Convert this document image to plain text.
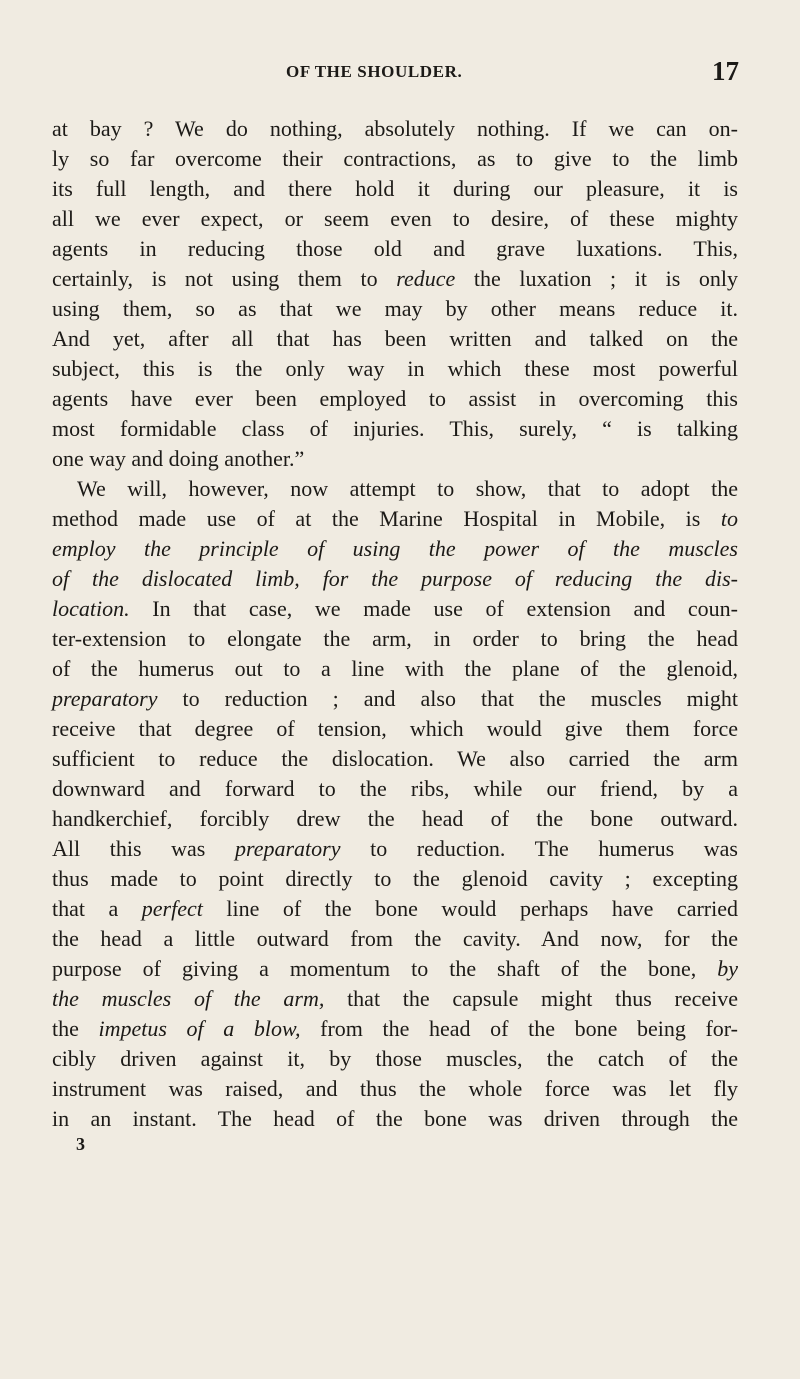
OF THE SHOULDER.	17
at bay ? We do nothing, absolutely nothing. If we can on-
ly so far overcome their contractions, as to give to the limb
its full length, and there hold it during our pleasure, it is
all we ever expect, or seem even to desire, of these mighty
agents in reducing those old and grave luxations. This,
certainly, is not using them to reduce the luxation ; it is only
using them, so as that we may by other means reduce it.
And yet, after all that has been written and talked on the
subject, this is the only way in which these most powerful
agents have ever been employed to assist in overcoming this
most formidable class of injuries. This, surely, “ is talking
one way and doing another.”
We will, however, now attempt to show, that to adopt the
method made use of at the Marine Hospital in Mobile, is to
employ the principle of using the power of the muscles
of the dislocated limb, for the purpose of reducing the dis-
location. In that case, we made use of extension and coun-
ter-extension to elongate the arm, in order to bring the head
of the humerus out to a line with the plane of the glenoid,
preparatory to reduction ; and also that the muscles might
receive that degree of tension, which would give them force
sufficient to reduce the dislocation. We also carried the arm
downward and forward to the ribs, while our friend, by a
handkerchief, forcibly drew the head of the bone outward.
All this was preparatory to reduction. The humerus was
thus made to point directly to the glenoid cavity ; excepting
that a perfect line of the bone would perhaps have carried
the head a little outward from the cavity. And now, for the
purpose of giving a momentum to the shaft of the bone, by
the muscles of the arm, that the capsule might thus receive
the impetus of a blow, from the head of the bone being for-
cibly driven against it, by those muscles, the catch of the
instrument was raised, and thus the whole force was let fly
in an instant. The head of the bone was driven through the
3
